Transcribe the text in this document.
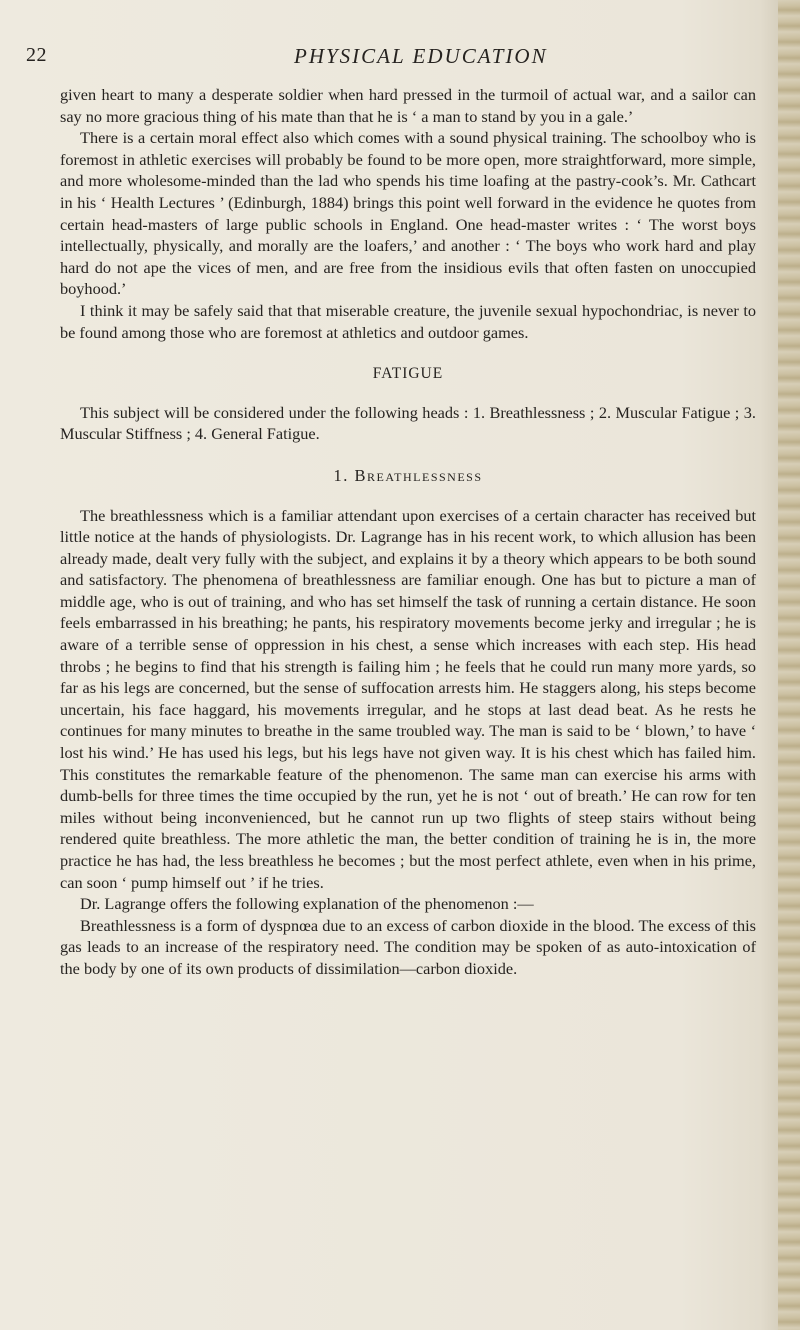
22	PHYSICAL EDUCATION

given heart to many a desperate soldier when hard pressed in the turmoil of actual war, and a sailor can say no more gracious thing of his mate than that he is ‘ a man to stand by you in a gale.’

There is a certain moral effect also which comes with a sound physical training. The schoolboy who is foremost in athletic exercises will probably be found to be more open, more straightforward, more simple, and more wholesome-minded than the lad who spends his time loafing at the pastry-cook’s. Mr. Cathcart in his ‘ Health Lectures ’ (Edinburgh, 1884) brings this point well forward in the evidence he quotes from certain head-masters of large public schools in England. One head-master writes : ‘ The worst boys intellectually, physically, and morally are the loafers,’ and another : ‘ The boys who work hard and play hard do not ape the vices of men, and are free from the insidious evils that often fasten on unoccupied boyhood.’

I think it may be safely said that that miserable creature, the juvenile sexual hypochondriac, is never to be found among those who are foremost at athletics and outdoor games.

FATIGUE

This subject will be considered under the following heads : 1. Breathlessness ; 2. Muscular Fatigue ; 3. Muscular Stiffness ; 4. General Fatigue.

1. Breathlessness

The breathlessness which is a familiar attendant upon exercises of a certain character has received but little notice at the hands of physiologists. Dr. Lagrange has in his recent work, to which allusion has been already made, dealt very fully with the subject, and explains it by a theory which appears to be both sound and satisfactory. The phenomena of breathlessness are familiar enough. One has but to picture a man of middle age, who is out of training, and who has set himself the task of running a certain distance. He soon feels embarrassed in his breathing; he pants, his respiratory movements become jerky and irregular ; he is aware of a terrible sense of oppression in his chest, a sense which increases with each step. His head throbs ; he begins to find that his strength is failing him ; he feels that he could run many more yards, so far as his legs are concerned, but the sense of suffocation arrests him. He staggers along, his steps become uncertain, his face haggard, his movements irregular, and he stops at last dead beat. As he rests he continues for many minutes to breathe in the same troubled way. The man is said to be ‘ blown,’ to have ‘ lost his wind.’ He has used his legs, but his legs have not given way. It is his chest which has failed him. This constitutes the remarkable feature of the phenomenon. The same man can exercise his arms with dumb-bells for three times the time occupied by the run, yet he is not ‘ out of breath.’ He can row for ten miles without being inconvenienced, but he cannot run up two flights of steep stairs without being rendered quite breathless. The more athletic the man, the better condition of training he is in, the more practice he has had, the less breathless he becomes ; but the most perfect athlete, even when in his prime, can soon ‘ pump himself out ’ if he tries.

Dr. Lagrange offers the following explanation of the phenomenon :—

Breathlessness is a form of dyspnœa due to an excess of carbon dioxide in the blood. The excess of this gas leads to an increase of the respiratory need. The condition may be spoken of as auto-intoxication of the body by one of its own products of dissimilation—carbon dioxide.
